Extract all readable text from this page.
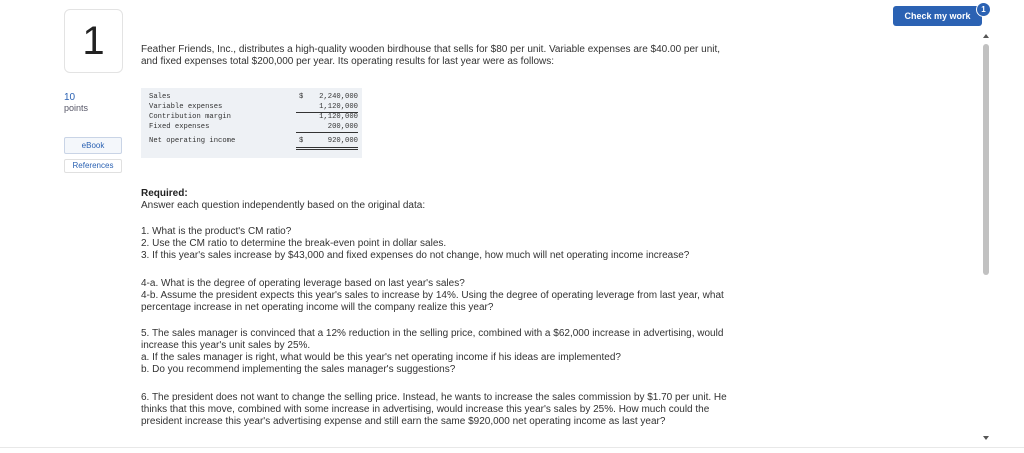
1
10
points
eBook
References
Feather Friends, Inc., distributes a high-quality wooden birdhouse that sells for $80 per unit. Variable expenses are $40.00 per unit,
and fixed expenses total $200,000 per year. Its operating results for last year were as follows:
Sales	$ 2,240,000
Variable expenses	1,120,000
Contribution margin	1,120,000
Fixed expenses	200,000
Net operating income	$	920,000
Required:
Answer each question independently based on the original data:
1. What is the product's CM ratio?
2. Use the CM ratio to determine the break-even point in dollar sales.
3. If this year's sales increase by $43,000 and fixed expenses do not change, how much will net operating income increase?
4-a. What is the degree of operating leverage based on last year's sales?
4-b. Assume the president expects this year's sales to increase by 14%. Using the degree of operating leverage from last year, what
percentage increase in net operating income will the company realize this year?
5. The sales manager is convinced that a 12% reduction in the selling price, combined with a $62,000 increase in advertising, would
increase this year's unit sales by 25%.
a. If the sales manager is right, what would be this year's net operating income if his ideas are implemented?
b. Do you recommend implementing the sales manager's suggestions?
6. The president does not want to change the selling price. Instead, he wants to increase the sales commission by $1.70 per unit. He
thinks that this move, combined with some increase in advertising, would increase this year's sales by 25%. How much could the
president increase this year's advertising expense and still earn the same $920,000 net operating income as last year?
Check my work
1
